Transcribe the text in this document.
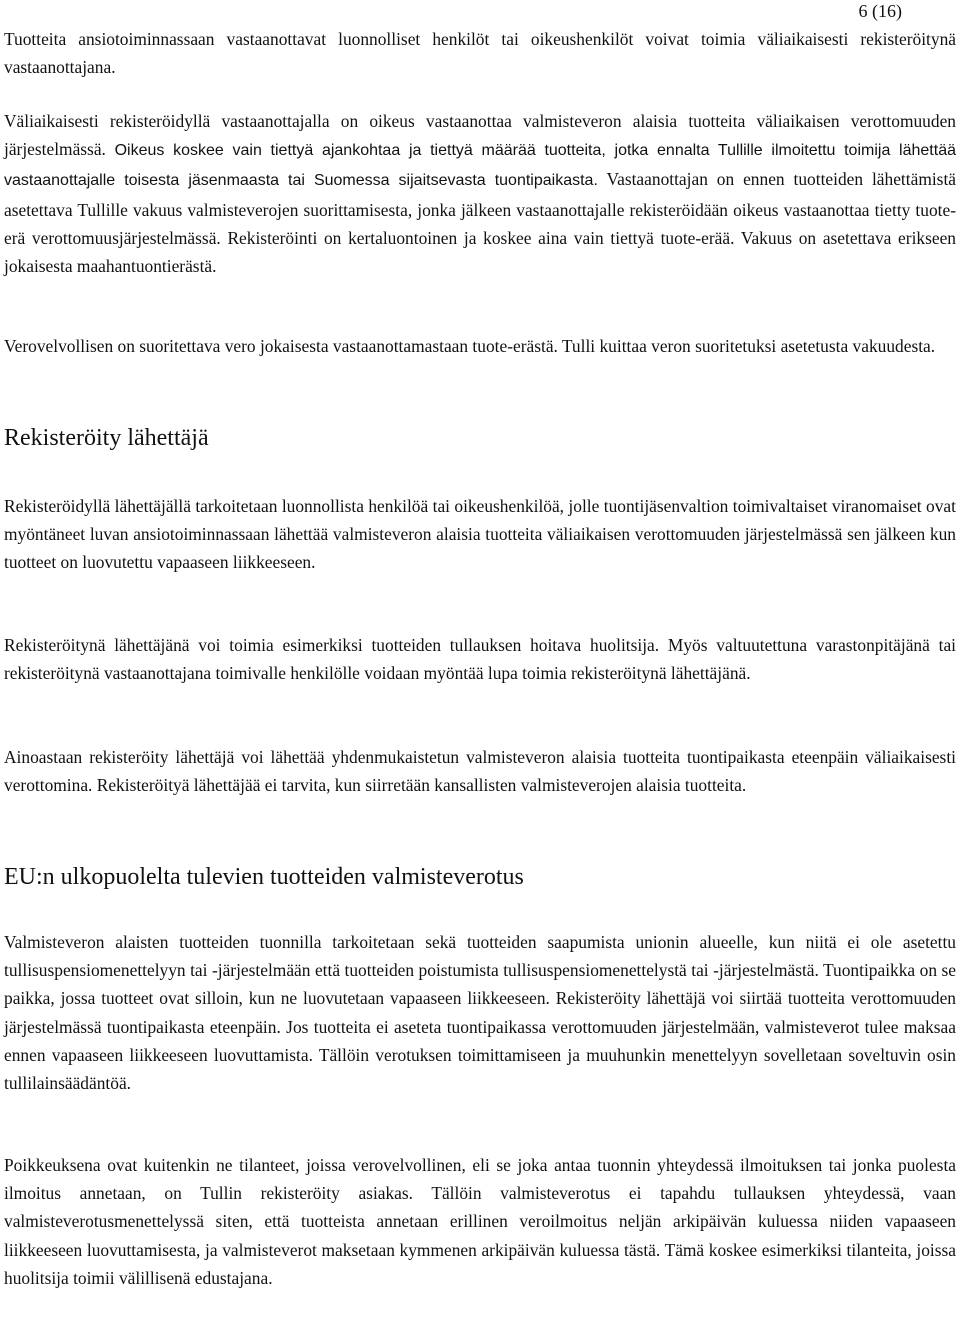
6 (16)

Tuotteita ansiotoiminnassaan vastaanottavat luonnolliset henkilöt tai oikeushenkilöt voivat toimia väliaikaisesti rekisteröitynä vastaanottajana.

Väliaikaisesti rekisteröidyllä vastaanottajalla on oikeus vastaanottaa valmisteveron alaisia tuotteita väliaikaisen verottomuuden järjestelmässä. Oikeus koskee vain tiettyä ajankohtaa ja tiettyä määrää tuotteita, jotka ennalta Tullille ilmoitettu toimija lähettää vastaanottajalle toisesta jäsenmaasta tai Suomessa sijaitsevasta tuontipaikasta. Vastaanottajan on ennen tuotteiden lähettämistä asetettava Tullille vakuus valmisteverojen suorittamisesta, jonka jälkeen vastaanottajalle rekisteröidään oikeus vastaanottaa tietty tuote-erä verottomuusjärjestelmässä. Rekisteröinti on kertaluontoinen ja koskee aina vain tiettyä tuote-erää. Vakuus on asetettava erikseen jokaisesta maahantuontierästä.

Verovelvollisen on suoritettava vero jokaisesta vastaanottamastaan tuote-erästä. Tulli kuittaa veron suoritetuksi asetetusta vakuudesta.

Rekisteröity lähettäjä

Rekisteröidyllä lähettäjällä tarkoitetaan luonnollista henkilöä tai oikeushenkilöä, jolle tuontijäsenvaltion toimivaltaiset viranomaiset ovat myöntäneet luvan ansiotoiminnassaan lähettää valmisteveron alaisia tuotteita väliaikaisen verottomuuden järjestelmässä sen jälkeen kun tuotteet on luovutettu vapaaseen liikkeeseen.

Rekisteröitynä lähettäjänä voi toimia esimerkiksi tuotteiden tullauksen hoitava huolitsija. Myös valtuutettuna varastonpitäjänä tai rekisteröitynä vastaanottajana toimivalle henkilölle voidaan myöntää lupa toimia rekisteröitynä lähettäjänä.

Ainoastaan rekisteröity lähettäjä voi lähettää yhdenmukaistetun valmisteveron alaisia tuotteita tuontipaikasta eteenpäin väliaikaisesti verottomina. Rekisteröityä lähettäjää ei tarvita, kun siirretään kansallisten valmisteverojen alaisia tuotteita.

EU:n ulkopuolelta tulevien tuotteiden valmisteverotus

Valmisteveron alaisten tuotteiden tuonnilla tarkoitetaan sekä tuotteiden saapumista unionin alueelle, kun niitä ei ole asetettu tullisuspensiomenettelyyn tai -järjestelmään että tuotteiden poistumista tullisuspensiomenettelystä tai -järjestelmästä. Tuontipaikka on se paikka, jossa tuotteet ovat silloin, kun ne luovutetaan vapaaseen liikkeeseen. Rekisteröity lähettäjä voi siirtää tuotteita verottomuuden järjestelmässä tuontipaikasta eteenpäin. Jos tuotteita ei aseteta tuontipaikassa verottomuuden järjestelmään, valmisteverot tulee maksaa ennen vapaaseen liikkeeseen luovuttamista. Tällöin verotuksen toimittamiseen ja muuhunkin menettelyyn sovelletaan soveltuvin osin tullilainsäädäntöä.

Poikkeuksena ovat kuitenkin ne tilanteet, joissa verovelvollinen, eli se joka antaa tuonnin yhteydessä ilmoituksen tai jonka puolesta ilmoitus annetaan, on Tullin rekisteröity asiakas. Tällöin valmisteverotus ei tapahdu tullauksen yhteydessä, vaan valmisteverotusmenettelyssä siten, että tuotteista annetaan erillinen veroilmoitus neljän arkipäivän kuluessa niiden vapaaseen liikkeeseen luovuttamisesta, ja valmisteverot maksetaan kymmenen arkipäivän kuluessa tästä. Tämä koskee esimerkiksi tilanteita, joissa huolitsija toimii välillisenä edustajana.
